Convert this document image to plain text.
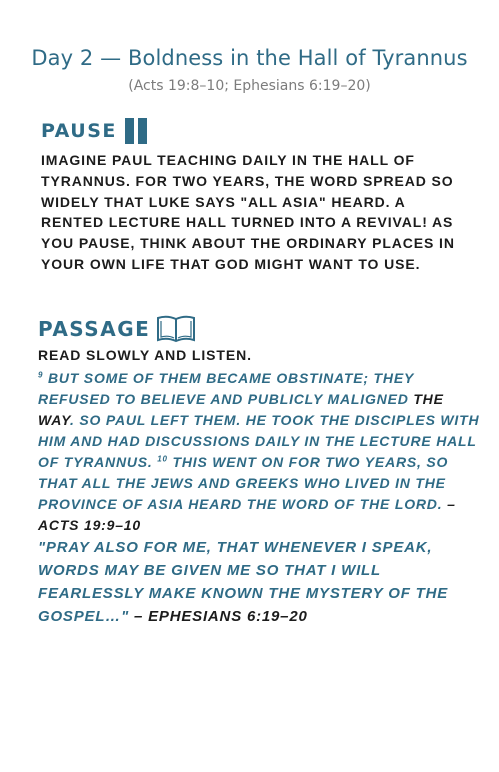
Day 2 — Boldness in the Hall of Tyrannus
(Acts 19:8–10; Ephesians 6:19–20)
PAUSE
IMAGINE PAUL TEACHING DAILY IN THE HALL OF TYRANNUS. FOR TWO YEARS, THE WORD SPREAD SO WIDELY THAT LUKE SAYS "ALL ASIA" HEARD. A RENTED LECTURE HALL TURNED INTO A REVIVAL! AS YOU PAUSE, THINK ABOUT THE ORDINARY PLACES IN YOUR OWN LIFE THAT GOD MIGHT WANT TO USE.
PASSAGE
READ SLOWLY AND LISTEN.
$^9$ BUT SOME OF THEM BECAME OBSTINATE; THEY REFUSED TO BELIEVE AND PUBLICLY MALIGNED THE WAY. SO PAUL LEFT THEM. HE TOOK THE DISCIPLES WITH HIM AND HAD DISCUSSIONS DAILY IN THE LECTURE HALL OF TYRANNUS. $^{10}$ THIS WENT ON FOR TWO YEARS, SO THAT ALL THE JEWS AND GREEKS WHO LIVED IN THE PROVINCE OF ASIA HEARD THE WORD OF THE LORD. – ACTS 19:9–10
"PRAY ALSO FOR ME, THAT WHENEVER I SPEAK, WORDS MAY BE GIVEN ME SO THAT I WILL FEARLESSLY MAKE KNOWN THE MYSTERY OF THE GOSPEL…" – EPHESIANS 6:19–20
